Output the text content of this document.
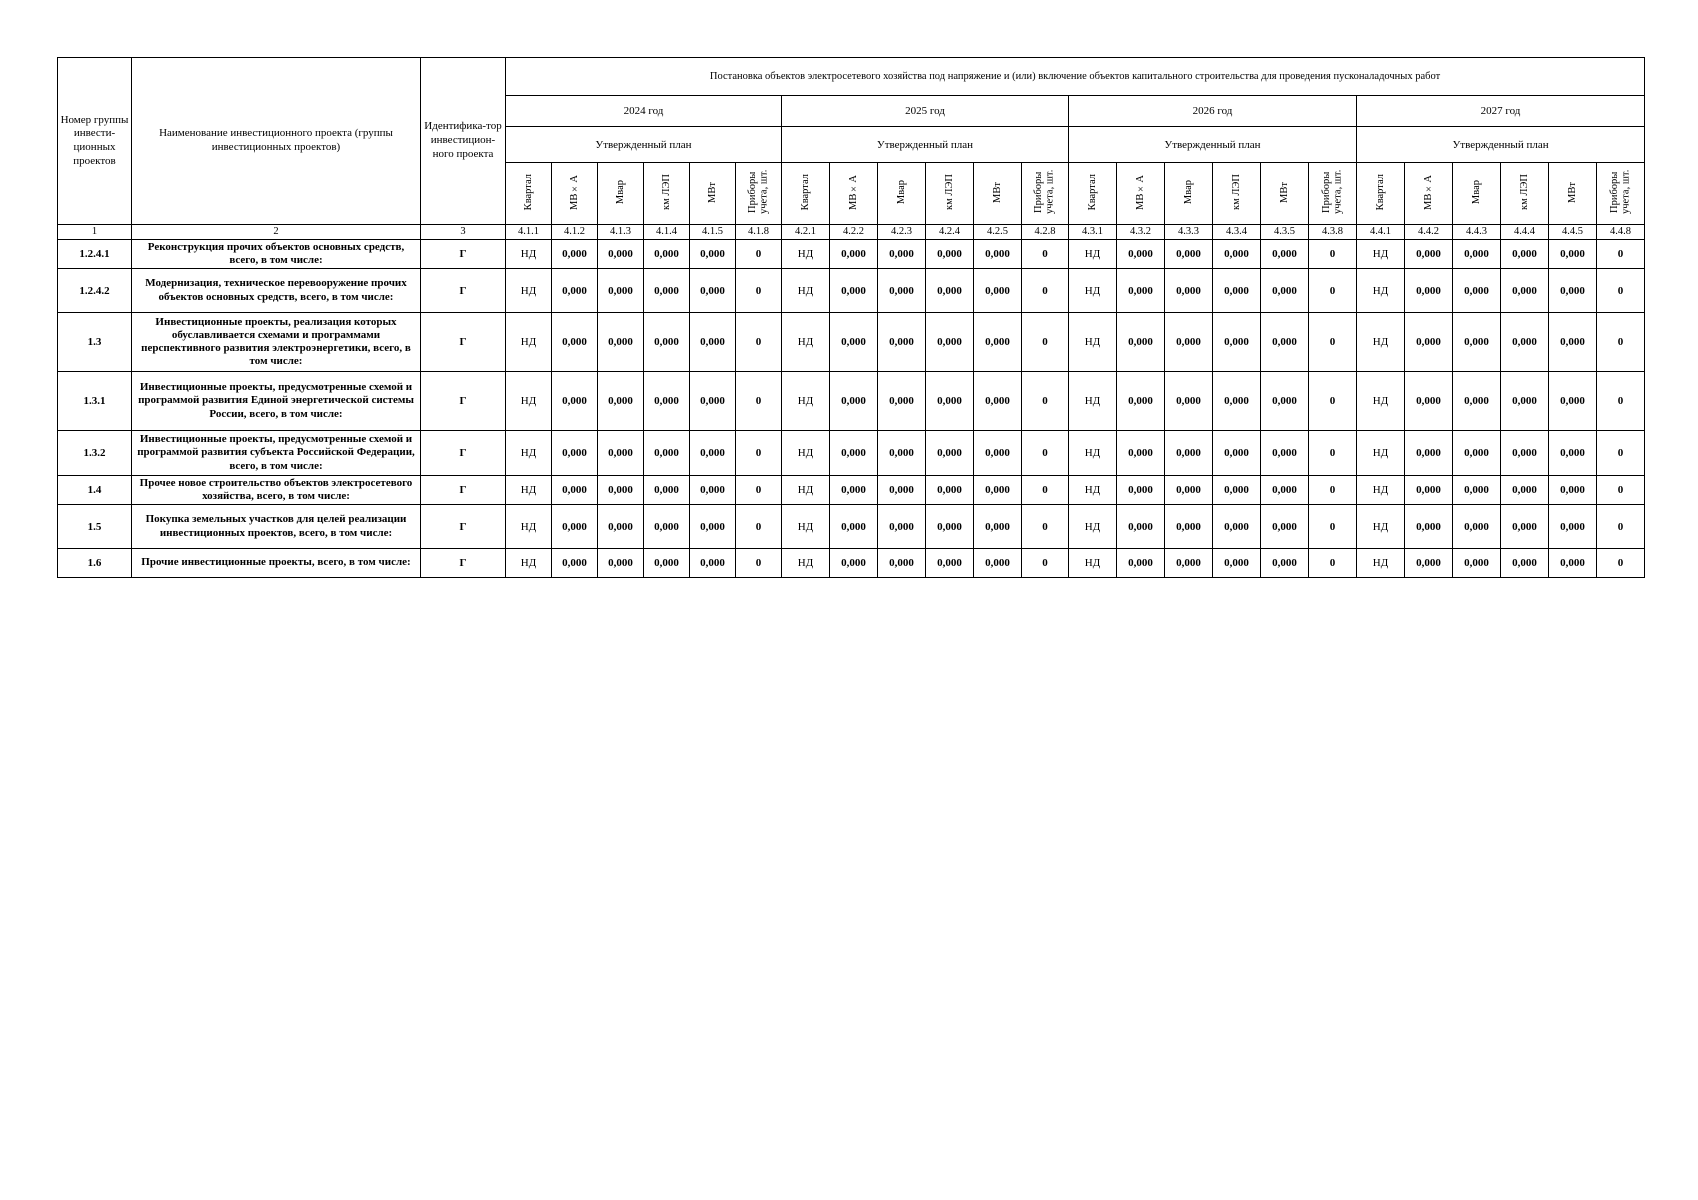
Номер группы инвести-ционных проектов	Наименование инвестиционного проекта (группы инвестиционных проектов)	Идентифика-тор инвестицион-ного проекта	Постановка объектов электросетевого хозяйства под напряжение и (или) включение объектов капитального строительства для проведения пусконаладочных работ																							
			2024 год						2025 год						2026 год						2027 год					
			Утвержденный план						Утвержденный план						Утвержденный план						Утвержденный план					
			Квартал	МВ×А	Мвар	км ЛЭП	МВт	Приборы учета, шт.	Квартал	МВ×А	Мвар	км ЛЭП	МВт	Приборы учета, шт.	Квартал	МВ×А	Мвар	км ЛЭП	МВт	Приборы учета, шт.	Квартал	МВ×А	Мвар	км ЛЭП	МВт	Приборы учета, шт.
1	2	3	4.1.1	4.1.2	4.1.3	4.1.4	4.1.5	4.1.8	4.2.1	4.2.2	4.2.3	4.2.4	4.2.5	4.2.8	4.3.1	4.3.2	4.3.3	4.3.4	4.3.5	4.3.8	4.4.1	4.4.2	4.4.3	4.4.4	4.4.5	4.4.8
1.2.4.1	Реконструкция прочих объектов основных средств, всего, в том числе:	Г	НД	0,000	0,000	0,000	0,000	0	НД	0,000	0,000	0,000	0,000	0	НД	0,000	0,000	0,000	0,000	0	НД	0,000	0,000	0,000	0,000	0
1.2.4.2	Модернизация, техническое перевооружение прочих объектов основных средств, всего, в том числе:	Г	НД	0,000	0,000	0,000	0,000	0	НД	0,000	0,000	0,000	0,000	0	НД	0,000	0,000	0,000	0,000	0	НД	0,000	0,000	0,000	0,000	0
1.3	Инвестиционные проекты, реализация которых обуславливается схемами и программами перспективного развития электроэнергетики, всего, в том числе:	Г	НД	0,000	0,000	0,000	0,000	0	НД	0,000	0,000	0,000	0,000	0	НД	0,000	0,000	0,000	0,000	0	НД	0,000	0,000	0,000	0,000	0
1.3.1	Инвестиционные проекты, предусмотренные схемой и программой развития Единой энергетической системы России, всего, в том числе:	Г	НД	0,000	0,000	0,000	0,000	0	НД	0,000	0,000	0,000	0,000	0	НД	0,000	0,000	0,000	0,000	0	НД	0,000	0,000	0,000	0,000	0
1.3.2	Инвестиционные проекты, предусмотренные схемой и программой развития субъекта Российской Федерации, всего, в том числе:	Г	НД	0,000	0,000	0,000	0,000	0	НД	0,000	0,000	0,000	0,000	0	НД	0,000	0,000	0,000	0,000	0	НД	0,000	0,000	0,000	0,000	0
1.4	Прочее новое строительство объектов электросетевого хозяйства, всего, в том числе:	Г	НД	0,000	0,000	0,000	0,000	0	НД	0,000	0,000	0,000	0,000	0	НД	0,000	0,000	0,000	0,000	0	НД	0,000	0,000	0,000	0,000	0
1.5	Покупка земельных участков для целей реализации инвестиционных проектов, всего, в том числе:	Г	НД	0,000	0,000	0,000	0,000	0	НД	0,000	0,000	0,000	0,000	0	НД	0,000	0,000	0,000	0,000	0	НД	0,000	0,000	0,000	0,000	0
1.6	Прочие инвестиционные проекты, всего, в том числе:	Г	НД	0,000	0,000	0,000	0,000	0	НД	0,000	0,000	0,000	0,000	0	НД	0,000	0,000	0,000	0,000	0	НД	0,000	0,000	0,000	0,000	0
